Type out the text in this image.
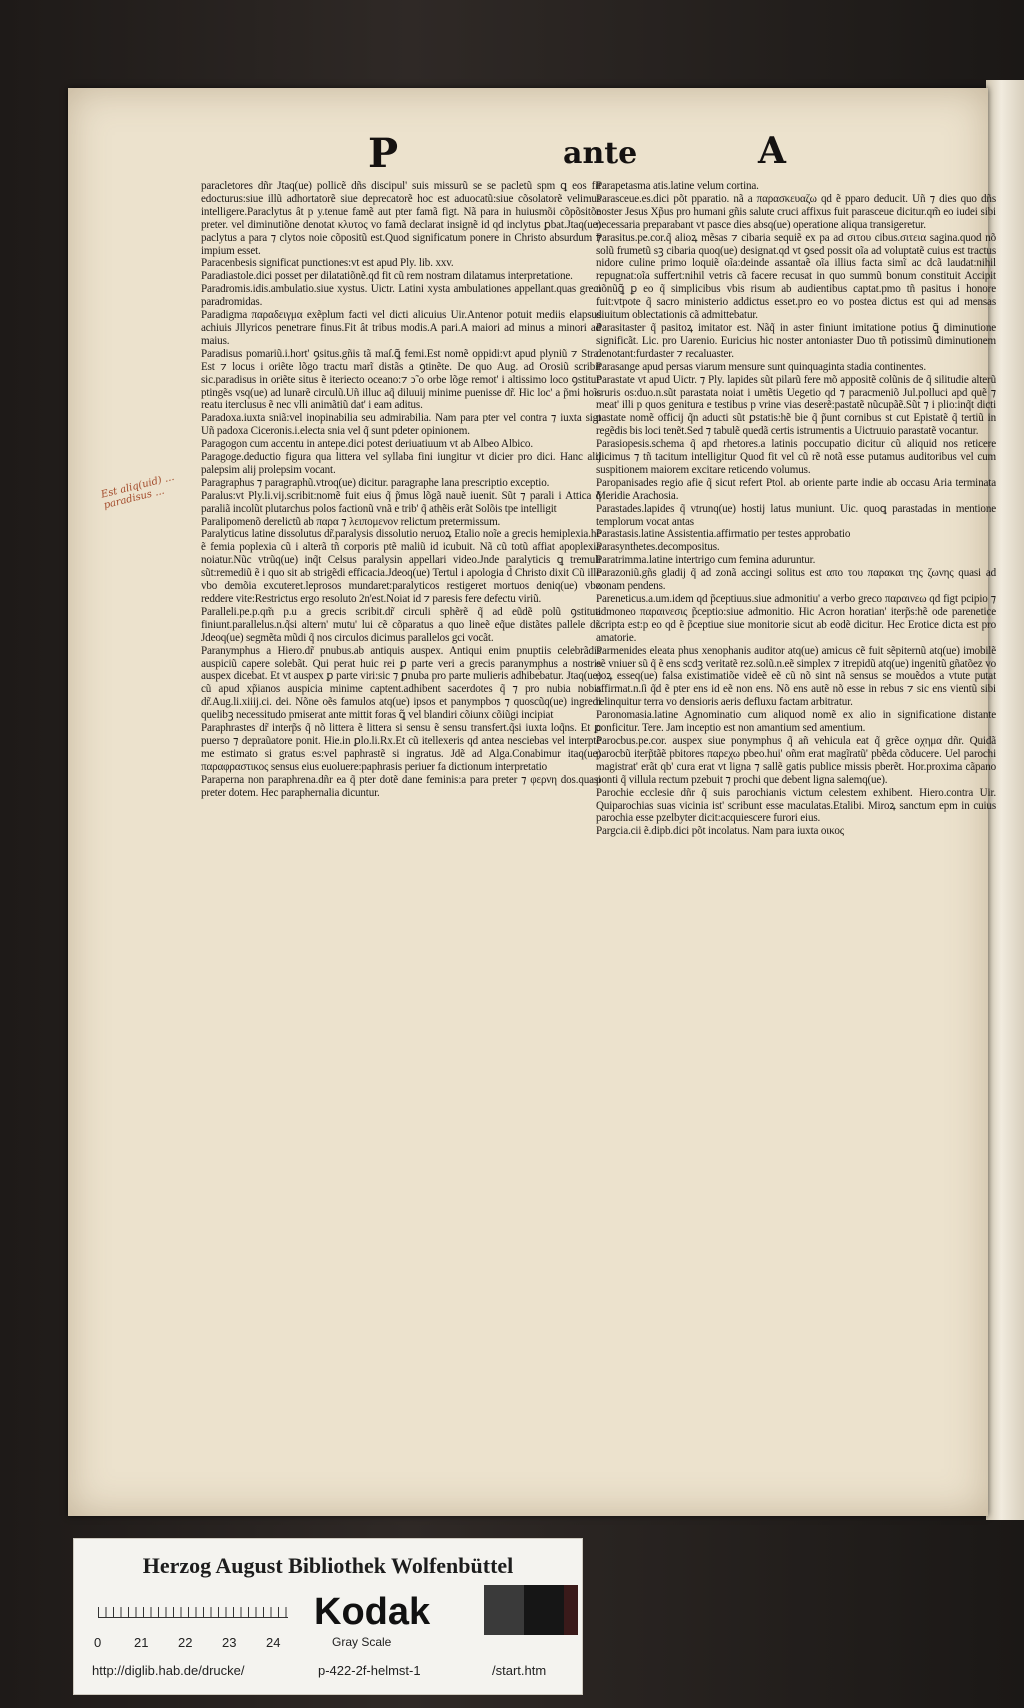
P	ante	A
Est aliq(uid) ... paradisus ...

paracletores dñr Jtaq(ue) pollicẽ dñs discipul' suis missurũ se se pacletũ spm ꝗ eos fit edocturus:siue illũ adhortatorẽ siue deprecatorẽ hoc est aduocatũ:siue cõsolatorẽ velimus intelligere.Paraclytus ât p y.tenue famẽ aut pter famã figt. Nã para in huiusmõi cõpõsitõe preter. vel diminutiõne denotat κλυτος vo famã declarat insignẽ id qd inclytus ꝑbat.Jtaq(ue) paclytus a para ⁊ clytos noie cõpositũ est.Quod significatum ponere in Christo absurdum ⁊ impium esset.

Paracenbesis significat punctiones:vt est apud Ply. lib. xxv.

Paradiastole.dici posset per dilatatiõnẽ.qd fit cũ rem nostram dilatamus interpretatione.

Paradromis.idis.ambulatio.siue xystus. Uictr. Latini xysta ambulationes appellant.quas greci paradromidas.

Paradigma παραδειγμα exẽplum facti vel dicti alicuius Uir.Antenor potuit mediis elapsus achiuis Jllyricos penetrare finus.Fit ât tribus modis.A pari.A maiori ad minus a minori ad maius.

Paradisus pomariũ.i.hort' ꝯsitus.gñis tã maſ.ꝗ̃ femi.Est nomẽ oppidi:vt apud plyniũ ⁊ Stra. Est ⁊ locus i oriẽte lõgo tractu marĩ distãs a ꝯtinẽte. De quo Aug. ad Orosiũ scribit sic.paradisus in oriẽte situs ẽ iteriecto oceano:⁊ ↄ̃ o orbe lõge remot' i altissimo loco ꝯstitut' ptingẽs vsq(ue) ad lunarẽ circulũ.Uñ illuc aq̃ diluuij minime puenisse dr̃. Hic loc' a p̃mi hoĩs reatu iterclusus ẽ nec vlli animãtiũ dat' i eam aditus.

Paradoxa.iuxta sniã:vel inopinabilia seu admirabilia. Nam para pter vel contra ⁊ iuxta sigt Uñ padoxa Ciceronis.i.electa snia vel q̃ sunt pdeter opinionem.

Paragogon cum accentu in antepe.dici potest deriuatiuum vt ab Albeo Albico.

Paragoge.deductio figura qua littera vel syllaba fini iungitur vt dicier pro dici. Hanc alij palepsim alij prolepsim vocant.

Paragraphus ⁊ paragraphũ.vtroq(ue) dicitur. paragraphe lana prescriptio exceptio.

Paralus:vt Ply.li.vij.scribit:nomẽ fuit eius q̃ p̃mus lõgã nauẽ iuenit. Sũt ⁊ parali i Attica q̃ paraliã incolũt plutarchus polos factionũ vnã e trib' q̃ athẽis erãt Solõis tpe intelligit

Paralipomenõ derelictũ ab παρα ⁊ λειπομενον relictum pretermissum.

Paralyticus latine dissolutus dr̃.paralysis dissolutio neruoꝝ Etalio noĩe a grecis hemiplexia.hẽ ẽ femia poplexia cũ i alterã tñ corporis ptẽ maliũ id icubuit. Nã cũ totũ affiat apoplexia noiatur.Nũc vtrũq(ue) inq̃t Celsus paralysin appellari video.Jnde paralyticis ꝗ tremuli sũt:remediũ ẽ i quo sit ab strigẽdi efficacia.Jdeoq(ue) Tertul i apologia d̃ Christo dixit Cũ ille vbo demõia excuteret.leprosos mundaret:paralyticos restigeret mortuos deniq(ue) vbo reddere vite:Restrictus ergo resoluto 2n'est.Noiat id ⁊ paresis fere defectu viriũ.

Paralleli.pe.p.qm̃ p.u a grecis scribit.dr̃ circuli sphẽrẽ q̃ ad eũdẽ polũ ꝯstituti finiunt.parallelus.n.q̃si altern' mutu' lui cẽ cõparatus a quo lineẽ eq̃ue distãtes pallele dr̃. Jdeoq(ue) segmẽta mũdi q̃ nos circulos dicimus parallelos gci vocãt.

Paranymphus a Hiero.dr̃ pnubus.ab antiquis auspex. Antiqui enim pnuptiis celebrãdis auspiciũ capere solebãt. Qui perat huic rei ꝑ parte veri a grecis paranymphus a nostris auspex dicebat. Et vt auspex ꝑ parte viri:sic ⁊ ꝑnuba pro parte mulieris adhibebatur. Jtaq(ue) cũ apud xp̃ianos auspicia minime captent.adhibent sacerdotes q̃ ⁊ pro nubia nobis dr̃.Aug.li.xiiij.ci. dei. Nõne oẽs famulos atq(ue) ipsos et panympbos ⁊ quoscũq(ue) ingredi quelibꝫ necessitudo pmiserat ante mittit foras ꝗ̃ vel blandiri cõiunx cõiũgi incipiat

Paraphrastes dr̃ interp̃s q̃ nõ littera ẽ littera si sensu ẽ sensu transfert.q̃si iuxta loq̃ns. Et ꝑ puerso ⁊ depraũatore ponit. Hie.in ꝑlo.li.Rx.Et cũ itellexeris qd antea nesciebas vel interptẽ me estimato si gratus es:vel paphrastẽ si ingratus. Jdẽ ad Alga.Conabimur itaq(ue) παραφραστικος sensus eius euoluere:paphrasis periuer fa dictionum interpretatio

Paraperna non paraphrena.dñr ea q̃ pter dotẽ dane feminis:a para preter ⁊ φερνη dos.quasi preter dotem. Hec paraphernalia dicuntur.

Parapetasma atis.latine velum cortina.

Parasceue.es.dici põt pparatio. nã a παρασκευαζω qd ẽ pparo deducit. Uñ ⁊ dies quo dñs noster Jesus Xp̃us pro humani gñis salute cruci affixus fuit parasceue dicitur.qm̃ eo iudei sibi necessaria preparabant vt pasce dies absq(ue) operatione aliqua transigeretur.

Parasitus.pe.cor.q̃ alioꝝ mẽsas ⁊ cibaria sequiẽ ex pa ad σιτου cibus.σιτεια sagina.quod nõ solũ frumetũ sꝫ cibaria quoq(ue) designat.qd vt ꝯsed possit oĩa ad voluptatẽ cuius est tractus nidore culine primo loquiẽ oĩa:deinde assantaẽ oĩa illius facta simĩ ac dcã laudat:nihil repugnat:oĩa suffert:nihil vetris cã facere recusat in quo summũ bonum constituit Accipit nõnũꝗ̃ ꝑ eo q̃ simplicibus vbis risum ab audientibus captat.pmo tñ pasitus i honore fuit:vtpote q̃ sacro ministerio addictus esset.pro eo vo postea dictus est qui ad mensas diuitum oblectationis cã admittebatur.

Parasitaster q̃ pasitoꝝ imitator est. Nãq̃ in aster finiunt imitatione potius ꝗ̃ diminutione significãt. Lic. pro Uarenio. Euricius hic noster antoniaster Duo tñ potissimũ diminutionem denotant:furdaster ⁊ recaluaster.

Parasange apud persas viarum mensure sunt quinquaginta stadia continentes.

Parastate vt apud Uictr. ⁊ Ply. lapides sũt pilarũ fere mõ appositẽ colũnis de q̃ silitudie alterũ cruris os:duo.n.sũt parastata noiat i umẽtis Uegetio qd ⁊ paracmeniõ Jul.polluci apd quẽ ⁊ meat' illi p quos genitura e testibus p vrine vias deserẽ:pastatẽ nũcupãẽ.Sũt ⁊ i plio:inq̃t dicti pastate nomẽ officij q̃n aducti sũt ꝑstatis:hẽ bie q̃ p̃unt cornibus st cut Epistatẽ q̃ tertiũ in regẽdis bis loci tenẽt.Sed ⁊ tabulẽ quedã certis istrumentis a Uictruuio parastatẽ vocantur.

Parasiopesis.schema q̃ apd rhetores.a latinis poccupatio dicitur cũ aliquid nos reticere dicimus ⁊ tñ tacitum intelligitur Quod fit vel cũ rẽ notã esse putamus auditoribus vel cum suspitionem maiorem excitare reticendo volumus.

Paropanisades regio afie q̃ sicut refert Ptol. ab oriente parte indie ab occasu Aria terminata Meridie Arachosia.

Parastades.lapides q̃ vtrunq(ue) hostij latus muniunt. Uic. quoꝗ parastadas in mentione templorum vocat antas

Parastasis.latine Assistentia.affirmatio per testes approbatio

Parasynthetes.decompositus.

Paratrimma.latine intertrigo cum femina aduruntur.

Parazoniũ.gñs gladij q̃ ad zonã accingi solitus est απο του παρακαι της ζωνης quasi ad zonam pendens.

Pareneticus.a.um.idem qd p̃ceptiuus.siue admonitiu' a verbo greco παραινεω qd figt pcipio ⁊ admoneo παραινεσις p̃ceptio:siue admonitio. Hic Acron horatian' iterp̃s:hẽ ode parenetice scripta est:p eo qd ẽ p̃ceptiue siue monitorie sicut ab eodẽ dicitur. Hec Erotice dicta est pro amatorie.

Parmenides eleata phus xenophanis auditor atq(ue) amicus cẽ fuit sẽpiternũ atq(ue) imobilẽ eẽ vniuer sũ q̃ ẽ ens scdꝫ veritatẽ rez.solũ.n.eẽ simplex ⁊ itrepidũ atq(ue) ingenitũ gñatõez vo eoꝝ esseq(ue) falsa existimatiõe videẽ eẽ cũ nõ sint nã sensus se mouẽdos a vtute putat affirmat.n.ſi q̃d ẽ pter ens id eẽ non ens. Nõ ens autẽ nõ esse in rebus ⁊ sic ens vientũ sibi relinquitur terra vo densioris aeris defluxu factam arbitratur.

Paronomasia.latine Agnominatio cum aliquod nomẽ ex alio in significatione distante conficitur. Tere. Jam inceptio est non amantium sed amentium.

Parocbus.pe.cor. auspex siue ponymphus q̃ añ vehicula eat q̃ grẽce οχημα dñr. Quidã parocbũ iterp̃tãẽ pbitores παρεχω pbeo.hui' oñm erat magĩratũ' pbẽda cõducere. Uel parochi magistrat' erãt qb' cura erat vt ligna ⁊ sallẽ gatis publice missis pberẽt. Hor.proxima cãpano ponti q̃ villula rectum pzebuit ⁊ prochi que debent ligna salemq(ue).

Parochie ecclesie dñr q̃ suis parochianis victum celestem exhibent. Hiero.contra Uir. Quiparochias suas vicinia ist' scribunt esse maculatas.Etalibi. Miroꝝ sanctum epm in cuius parochia esse pzelbyter dicit:acquiescere furori eius.

Pargcia.cii ẽ.dipb.dici põt incolatus. Nam para iuxta οικος

Herzog August Bibliothek Wolfenbüttel
0	21 22 23 24
Kodak
Gray Scale
http://diglib.hab.de/drucke/	p-422-2f-helmst-1	/start.htm
